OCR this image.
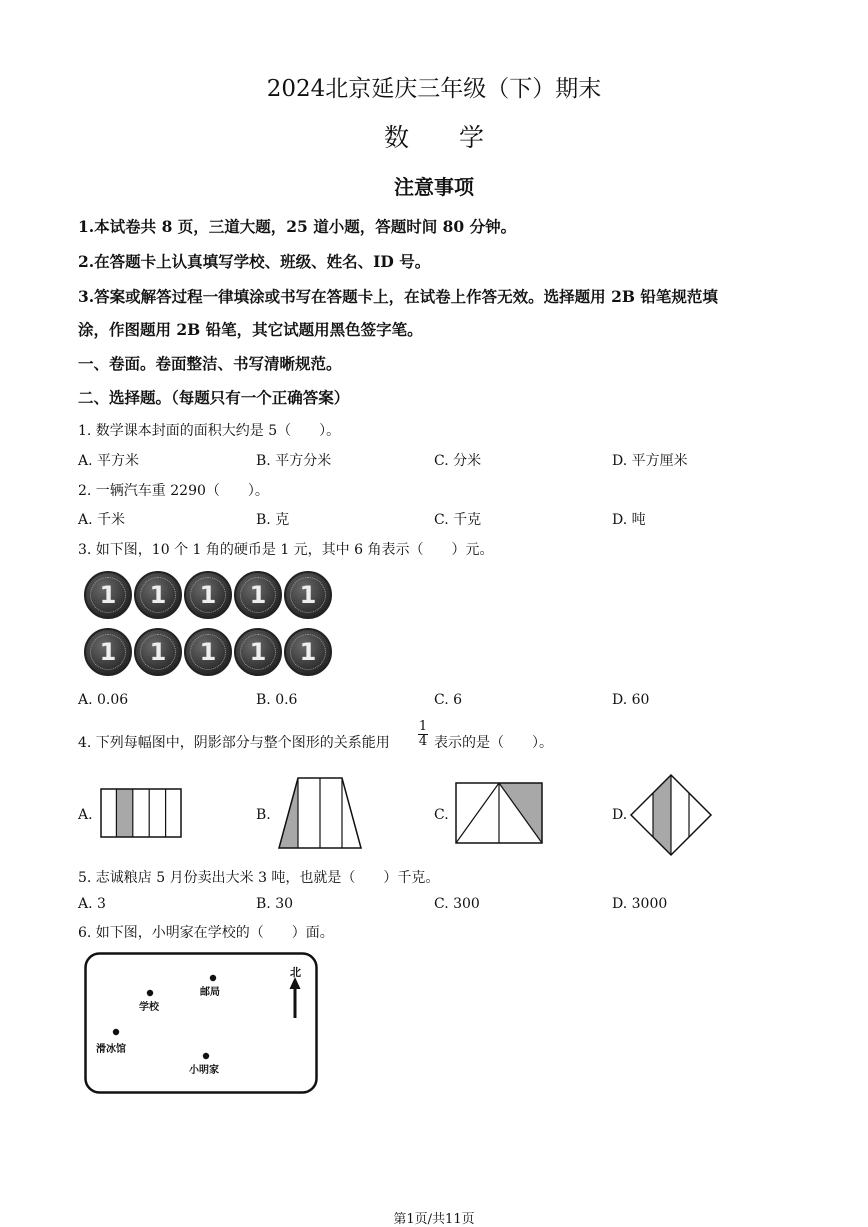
2024北京延庆三年级（下）期末
数　　学
注意事项
1.本试卷共 8 页，三道大题，25 道小题，答题时间 80 分钟。
2.在答题卡上认真填写学校、班级、姓名、ID 号。
3.答案或解答过程一律填涂或书写在答题卡上，在试卷上作答无效。选择题用 2B 铅笔规范填
涂，作图题用 2B 铅笔，其它试题用黑色签字笔。
一、卷面。卷面整洁、书写清晰规范。
二、选择题。（每题只有一个正确答案）
1. 数学课本封面的面积大约是 5（　　）。
A. 平方米	B. 平方分米	C. 分米	D. 平方厘米
2. 一辆汽车重 2290（　　）。
A. 千米	B. 克	C. 千克	D. 吨
3. 如下图，10 个 1 角的硬币是 1 元，其中 6 角表示（　　）元。
1	1	1	1	1
1	1	1	1	1
A. 0.06	B. 0.6	C. 6	D. 60
4. 下列每幅图中，阴影部分与整个图形的关系能用
1
4 表示的是（　　）。
A.	B.	C.	D.
5. 志诚粮店 5 月份卖出大米 3 吨，也就是（　　）千克。
A. 3	B. 30	C. 300	D. 3000
6. 如下图，小明家在学校的（　　）面。
学校
邮局
滑冰馆
小明家
北
第1页/共11页
